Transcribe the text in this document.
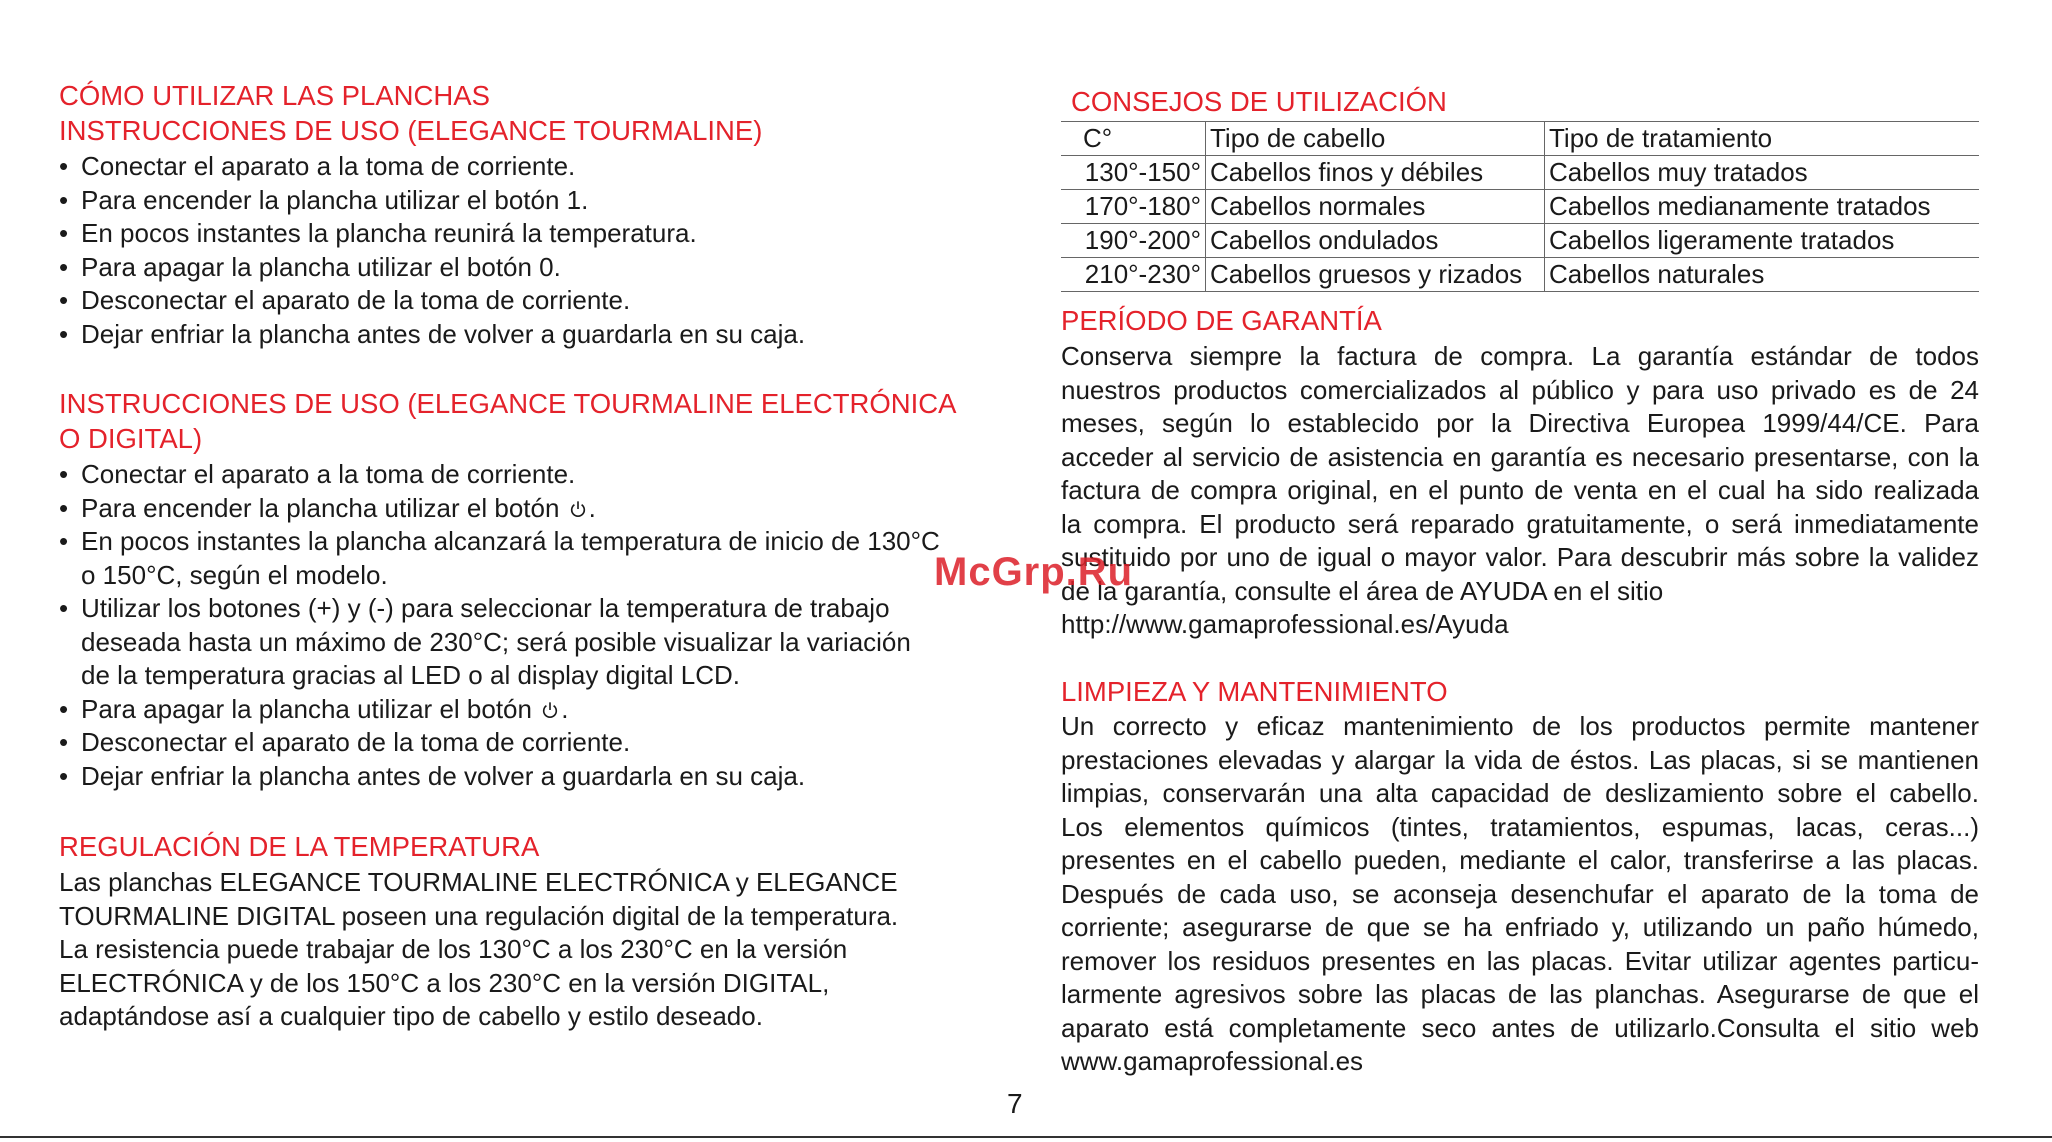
CÓMO UTILIZAR LAS PLANCHAS
INSTRUCCIONES DE USO (ELEGANCE TOURMALINE)
• Conectar el aparato a la toma de corriente.
• Para encender la plancha utilizar el botón 1.
• En pocos instantes la plancha reunirá la temperatura.
• Para apagar la plancha utilizar el botón 0.
• Desconectar el aparato de la toma de corriente.
• Dejar enfriar la plancha antes de volver a guardarla en su caja.
INSTRUCCIONES DE USO (ELEGANCE TOURMALINE ELECTRÓNICA
O DIGITAL)
• Conectar el aparato a la toma de corriente.
• Para encender la plancha utilizar el botón .
• En pocos instantes la plancha alcanzará la temperatura de inicio de 130°C
o 150°C, según el modelo.
• Utilizar los botones (+) y (-) para seleccionar la temperatura de trabajo
deseada hasta un máximo de 230°C; será posible visualizar la variación
de la temperatura gracias al LED o al display digital LCD.
• Para apagar la plancha utilizar el botón .
• Desconectar el aparato de la toma de corriente.
• Dejar enfriar la plancha antes de volver a guardarla en su caja.
REGULACIÓN DE LA TEMPERATURA

Las planchas ELEGANCE TOURMALINE ELECTRÓNICA y ELEGANCE
TOURMALINE DIGITAL poseen una regulación digital de la temperatura.
La resistencia puede trabajar de los 130°C a los 230°C en la versión
ELECTRÓNICA y de los 150°C a los 230°C en la versión DIGITAL,
adaptándose así a cualquier tipo de cabello y estilo deseado.

CONSEJOS DE UTILIZACIÓN
C°	Tipo de cabello	Tipo de tratamiento
130°-150°	Cabellos finos y débiles	Cabellos muy tratados
170°-180°	Cabellos normales	Cabellos medianamente tratados
190°-200°	Cabellos ondulados	Cabellos ligeramente tratados
210°-230°	Cabellos gruesos y rizados	Cabellos naturales
PERÍODO DE GARANTÍA

Conserva siempre la factura de compra. La garantía estándar de todos
nuestros productos comercializados al público y para uso privado es de 24
meses, según lo establecido por la Directiva Europea 1999/44/CE. Para
acceder al servicio de asistencia en garantía es necesario presentarse, con la
factura de compra original, en el punto de venta en el cual ha sido realizada
la compra. El producto será reparado gratuitamente, o será inmediatamente
sustituido por uno de igual o mayor valor. Para descubrir más sobre la validez
de la garantía, consulte el área de AYUDA en el sitio
http://www.gamaprofessional.es/Ayuda

LIMPIEZA Y MANTENIMIENTO

Un correcto y eficaz mantenimiento de los productos permite mantener
prestaciones elevadas y alargar la vida de éstos. Las placas, si se mantienen
limpias, conservarán una alta capacidad de deslizamiento sobre el cabello.
Los elementos químicos (tintes, tratamientos, espumas, lacas, ceras...)
presentes en el cabello pueden, mediante el calor, transferirse a las placas.
Después de cada uso, se aconseja desenchufar el aparato de la toma de
corriente; asegurarse de que se ha enfriado y, utilizando un paño húmedo,
remover los residuos presentes en las placas. Evitar utilizar agentes particu-
larmente agresivos sobre las placas de las planchas. Asegurarse de que el
aparato está completamente seco antes de utilizarlo.Consulta el sitio web
www.gamaprofessional.es

McGrp.Ru
7
